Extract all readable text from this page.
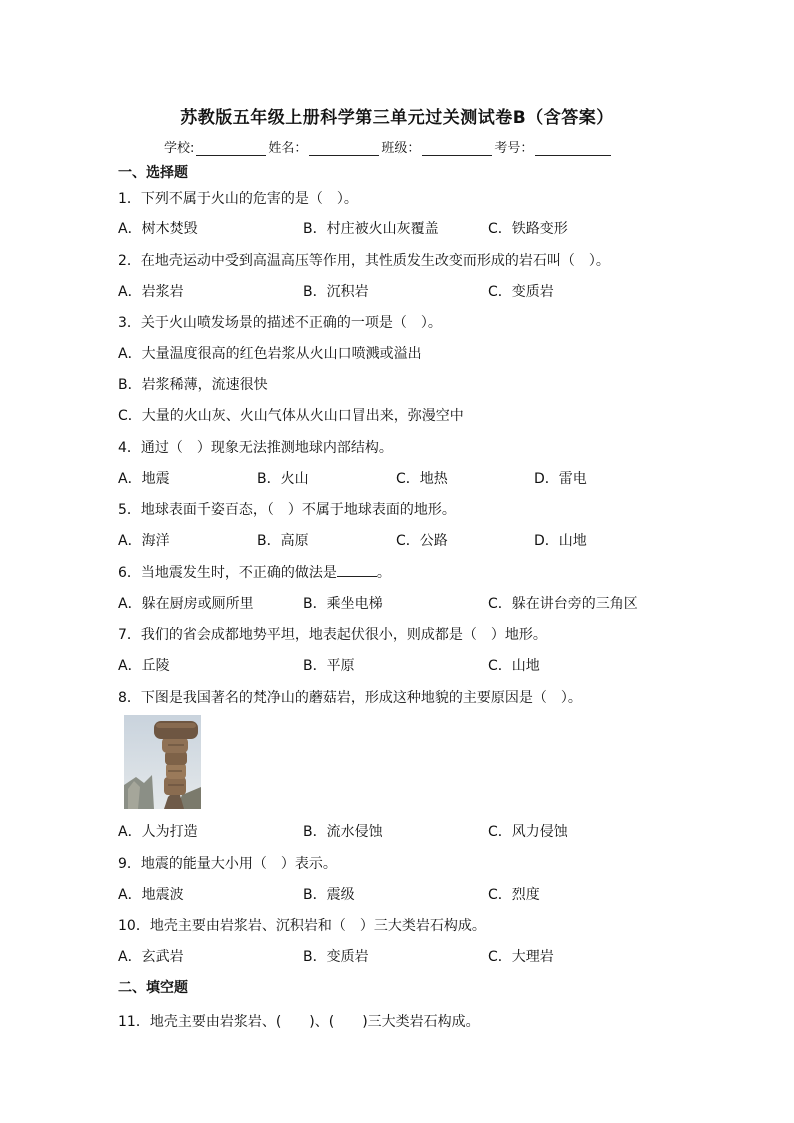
苏教版五年级上册科学第三单元过关测试卷B（含答案）
学校:	姓名：	班级：	考号：
一、选择题
1．下列不属于火山的危害的是（　）。
A．树木焚毁	B．村庄被火山灰覆盖	C．铁路变形
2．在地壳运动中受到高温高压等作用，其性质发生改变而形成的岩石叫（　）。
A．岩浆岩	B．沉积岩	C．变质岩
3．关于火山喷发场景的描述不正确的一项是（　）。
A．大量温度很高的红色岩浆从火山口喷溅或溢出
B．岩浆稀薄，流速很快
C．大量的火山灰、火山气体从火山口冒出来，弥漫空中
4．通过（　）现象无法推测地球内部结构。
A．地震	B．火山	C．地热	D．雷电
5．地球表面千姿百态，（　）不属于地球表面的地形。
A．海洋	B．高原	C．公路	D．山地
6．当地震发生时，不正确的做法是	。
A．躲在厨房或厕所里	B．乘坐电梯	C．躲在讲台旁的三角区
7．我们的省会成都地势平坦，地表起伏很小，则成都是（　）地形。
A．丘陵	B．平原	C．山地
8．下图是我国著名的梵净山的蘑菇岩，形成这种地貌的主要原因是（　）。
A．人为打造	B．流水侵蚀	C．风力侵蚀
9．地震的能量大小用（　）表示。
A．地震波	B．震级	C．烈度
10．地壳主要由岩浆岩、沉积岩和（　）三大类岩石构成。
A．玄武岩	B．变质岩	C．大理岩
二、填空题
11．地壳主要由岩浆岩、(　　)、(　　)三大类岩石构成。
